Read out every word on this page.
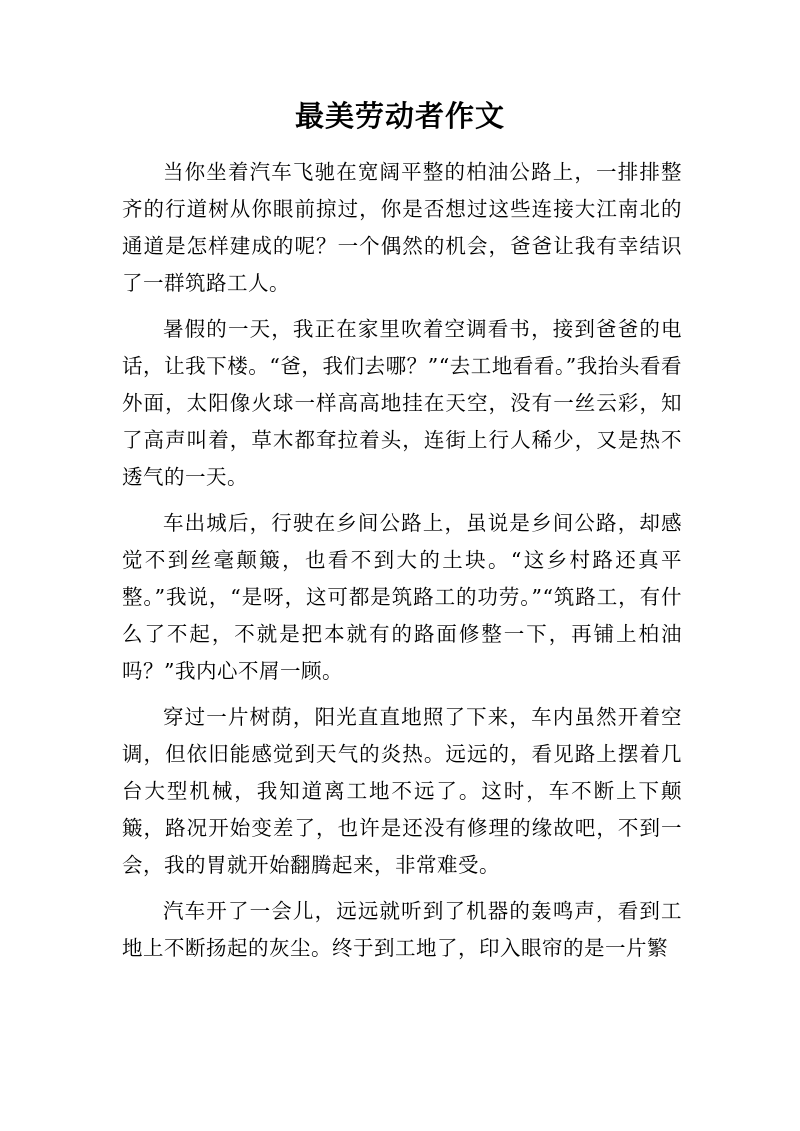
最美劳动者作文

当你坐着汽车飞驰在宽阔平整的柏油公路上，一排排整齐的行道树从你眼前掠过，你是否想过这些连接大江南北的通道是怎样建成的呢？一个偶然的机会，爸爸让我有幸结识了一群筑路工人。

暑假的一天，我正在家里吹着空调看书，接到爸爸的电话，让我下楼。“爸，我们去哪？”“去工地看看。”我抬头看看外面，太阳像火球一样高高地挂在天空，没有一丝云彩，知了高声叫着，草木都耷拉着头，连街上行人稀少，又是热不透气的一天。

车出城后，行驶在乡间公路上，虽说是乡间公路，却感觉不到丝毫颠簸，也看不到大的土块。“这乡村路还真平整。”我说，“是呀，这可都是筑路工的功劳。”“筑路工，有什么了不起，不就是把本就有的路面修整一下，再铺上柏油吗？”我内心不屑一顾。

穿过一片树荫，阳光直直地照了下来，车内虽然开着空调，但依旧能感觉到天气的炎热。远远的，看见路上摆着几台大型机械，我知道离工地不远了。这时，车不断上下颠簸，路况开始变差了，也许是还没有修理的缘故吧，不到一会，我的胃就开始翻腾起来，非常难受。

汽车开了一会儿，远远就听到了机器的轰鸣声，看到工地上不断扬起的灰尘。终于到工地了，印入眼帘的是一片繁
